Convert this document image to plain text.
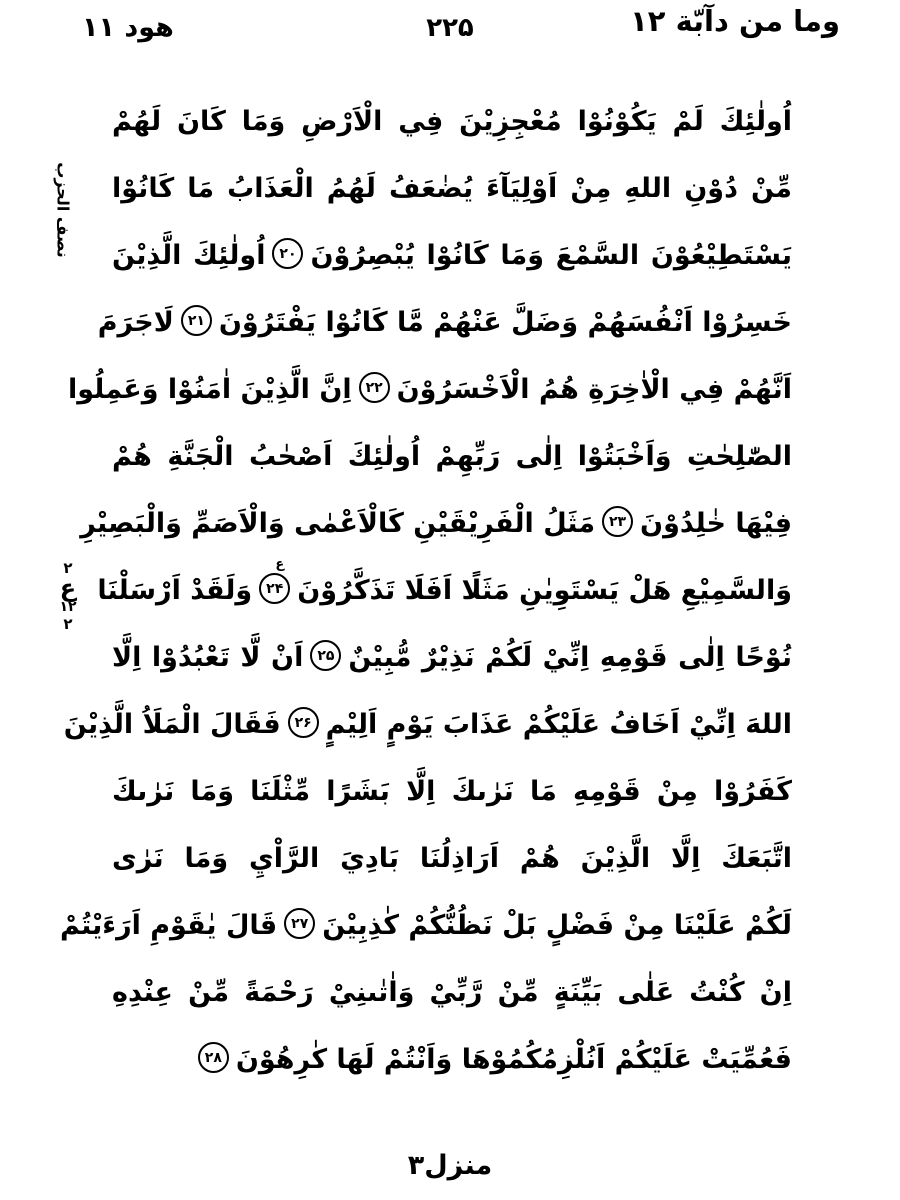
هود ۱۱	۲۲۵	وما من دآبّة ۱۲
نصف الحزب
۲
ع
۱۲
۲
اُولٰئِكَ لَمْ يَكُوْنُوْا مُعْجِزِيْنَ فِي الْاَرْضِ وَمَا كَانَ لَهُمْ
مِّنْ دُوْنِ اللهِ مِنْ اَوْلِيَآءَ يُضٰعَفُ لَهُمُ الْعَذَابُ مَا كَانُوْا
يَسْتَطِيْعُوْنَ السَّمْعَ وَمَا كَانُوْا يُبْصِرُوْنَ۲۰اُولٰئِكَ الَّذِيْنَ
خَسِرُوْا اَنْفُسَهُمْ وَضَلَّ عَنْهُمْ مَّا كَانُوْا يَفْتَرُوْنَ۲۱لَاجَرَمَ
اَنَّهُمْ فِي الْاٰخِرَةِ هُمُ الْاَخْسَرُوْنَ۲۲اِنَّ الَّذِيْنَ اٰمَنُوْا وَعَمِلُوا
الصّٰلِحٰتِ وَاَخْبَتُوْا اِلٰى رَبِّهِمْ اُولٰئِكَ اَصْحٰبُ الْجَنَّةِ هُمْ
فِيْهَا خٰلِدُوْنَ۲۳مَثَلُ الْفَرِيْقَيْنِ كَالْاَعْمٰى وَالْاَصَمِّ وَالْبَصِيْرِ
وَالسَّمِيْعِ هَلْ يَسْتَوِيٰنِ مَثَلًا اَفَلَا تَذَكَّرُوْنَ۲۴
ع
وَلَقَدْ اَرْسَلْنَا
نُوْحًا اِلٰى قَوْمِهِ اِنِّيْ لَكُمْ نَذِيْرٌ مُّبِيْنٌ۲۵اَنْ لَّا تَعْبُدُوْا اِلَّا
اللهَ اِنِّيْ اَخَافُ عَلَيْكُمْ عَذَابَ يَوْمٍ اَلِيْمٍ۲۶فَقَالَ الْمَلَاُ الَّذِيْنَ
كَفَرُوْا مِنْ قَوْمِهِ مَا نَرٰىكَ اِلَّا بَشَرًا مِّثْلَنَا وَمَا نَرٰىكَ
اتَّبَعَكَ اِلَّا الَّذِيْنَ هُمْ اَرَاذِلُنَا بَادِيَ الرَّاْيِ وَمَا نَرٰى
لَكُمْ عَلَيْنَا مِنْ فَضْلٍ بَلْ نَظُنُّكُمْ كٰذِبِيْنَ۲۷قَالَ يٰقَوْمِ اَرَءَيْتُمْ
اِنْ كُنْتُ عَلٰى بَيِّنَةٍ مِّنْ رَّبِّيْ وَاٰتٰىنِيْ رَحْمَةً مِّنْ عِنْدِهِ
فَعُمِّيَتْ عَلَيْكُمْ اَنُلْزِمُكُمُوْهَا وَاَنْتُمْ لَهَا كٰرِهُوْنَ۲۸
منزل۳
